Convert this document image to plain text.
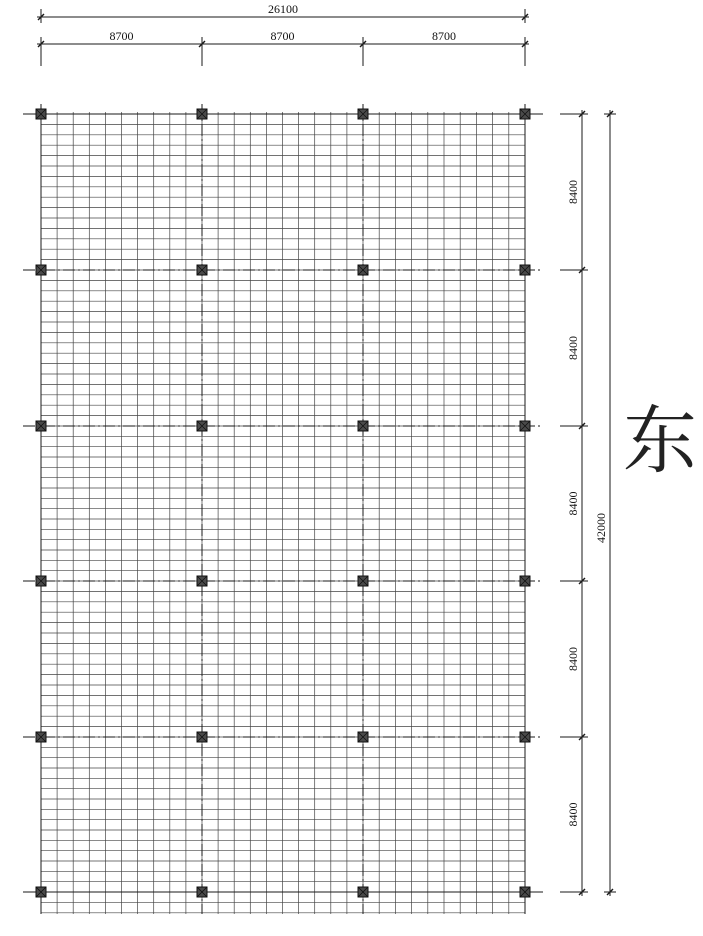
26100
8700	8700	8700
42000
8400
8400
8400
8400
8400
东
